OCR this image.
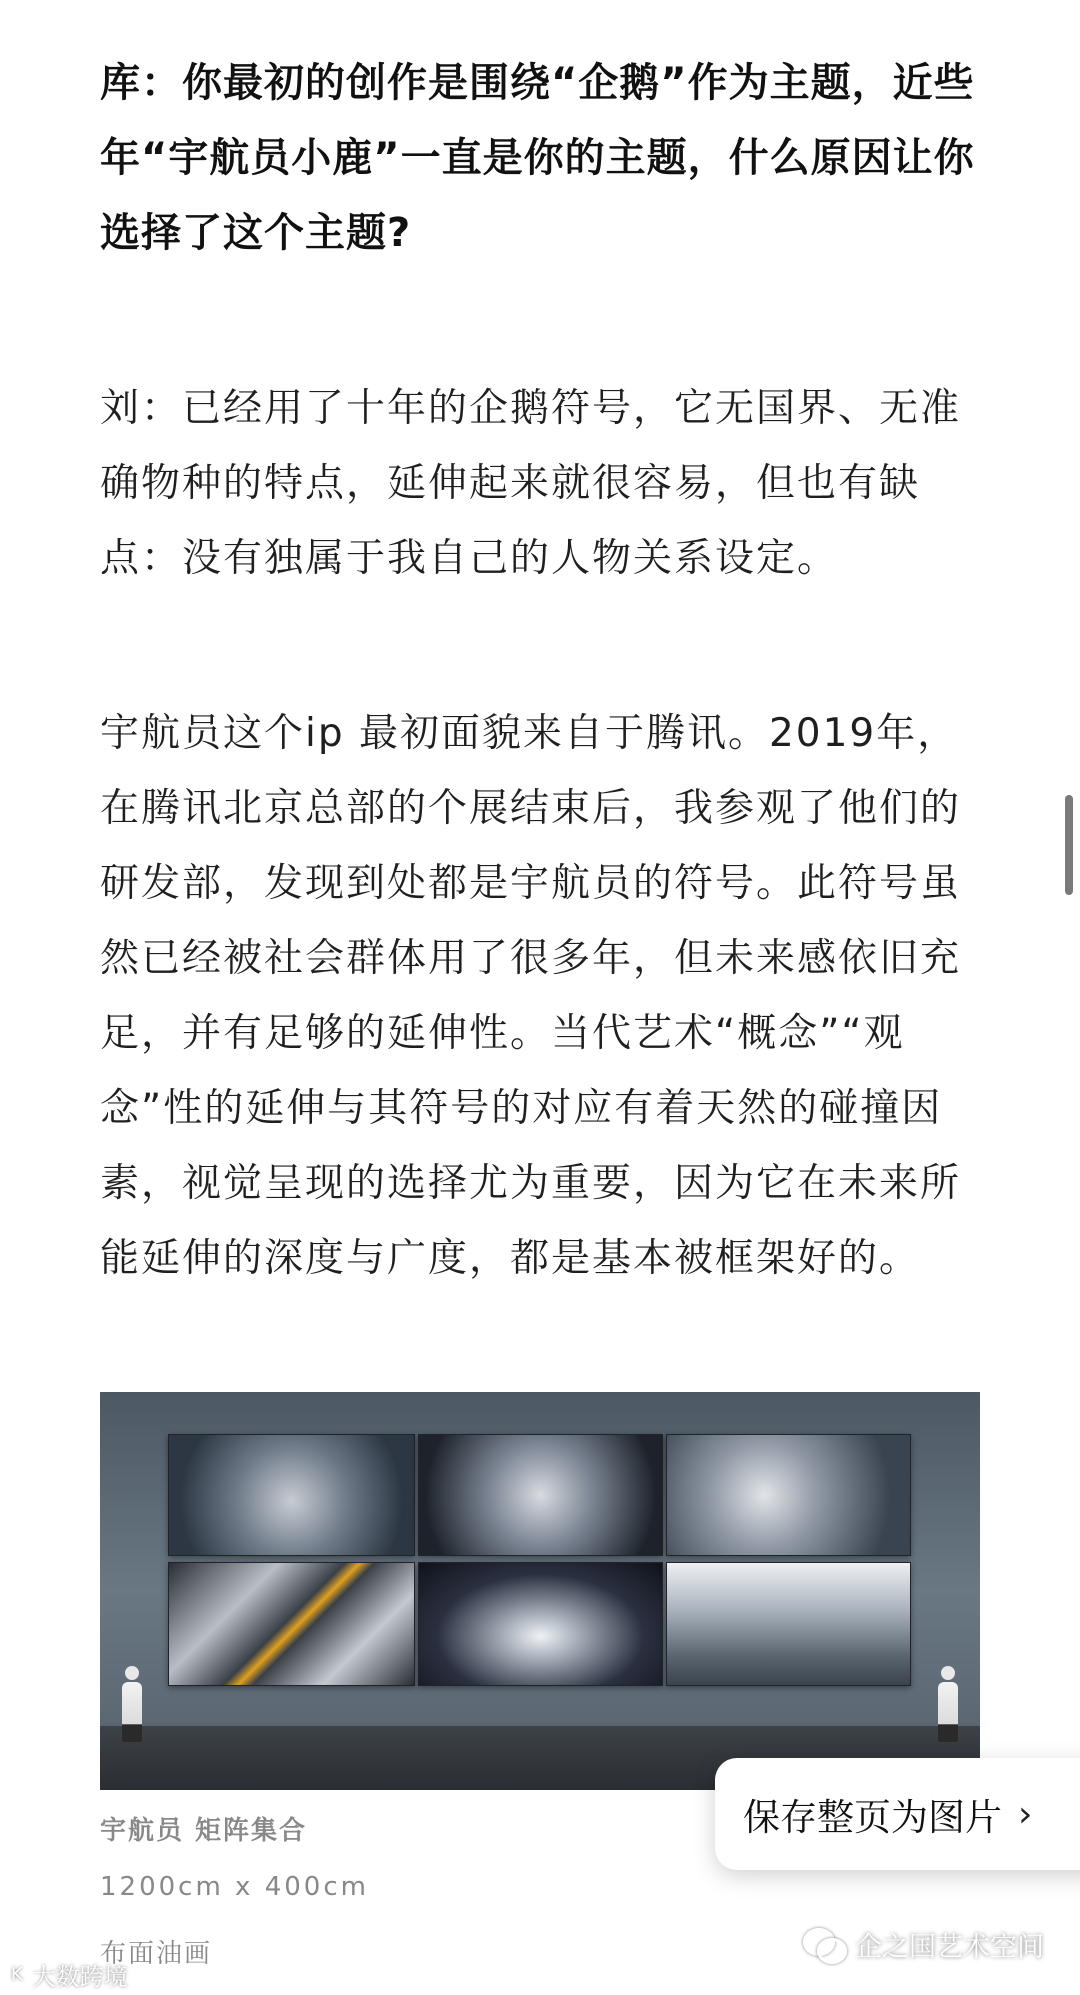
库：你最初的创作是围绕“企鹅”作为主题，近些年“宇航员小鹿”一直是你的主题，什么原因让你选择了这个主题?

刘：已经用了十年的企鹅符号，它无国界、无准确物种的特点，延伸起来就很容易，但也有缺点：没有独属于我自己的人物关系设定。

宇航员这个ip 最初面貌来自于腾讯。2019年，在腾讯北京总部的个展结束后，我参观了他们的研发部，发现到处都是宇航员的符号。此符号虽然已经被社会群体用了很多年，但未来感依旧充足，并有足够的延伸性。当代艺术“概念”“观念”性的延伸与其符号的对应有着天然的碰撞因素，视觉呈现的选择尤为重要，因为它在未来所能延伸的深度与广度，都是基本被框架好的。

宇航员 矩阵集合

1200cm x 400cm

布面油画

保存整页为图片 ›
K 大数跨境
企之国艺术空间
